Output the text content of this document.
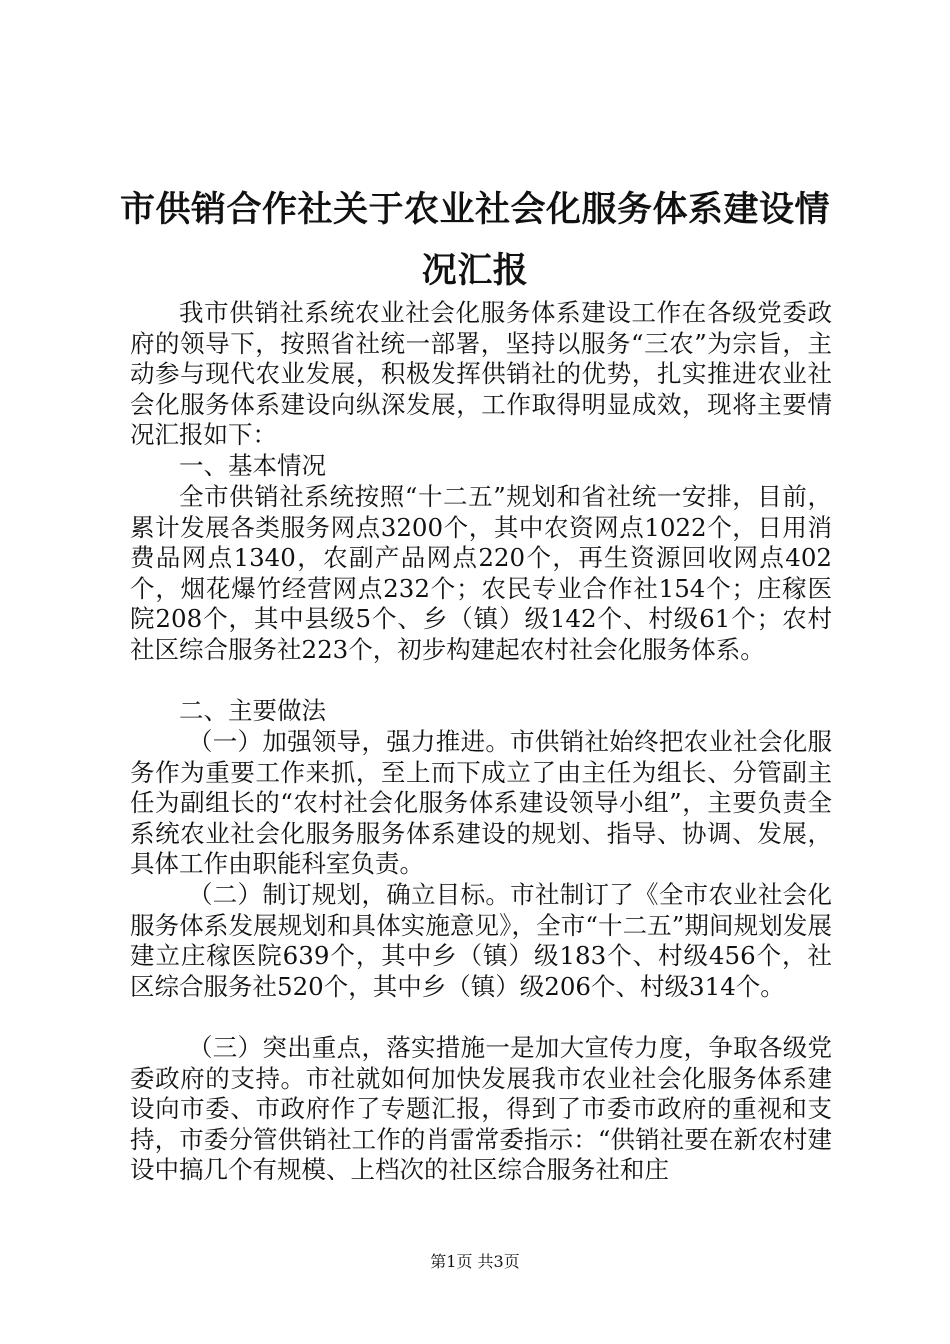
市供销合作社关于农业社会化服务体系建设情
况汇报
我市供销社系统农业社会化服务体系建设工作在各级党委政府的领导下，按照省社统一部署，坚持以服务“三农”为宗旨，主动参与现代农业发展，积极发挥供销社的优势，扎实推进农业社会化服务体系建设向纵深发展，工作取得明显成效，现将主要情况汇报如下：
一、基本情况
全市供销社系统按照“十二五”规划和省社统一安排，目前，累计发展各类服务网点3200个，其中农资网点1022个，日用消费品网点1340，农副产品网点220个，再生资源回收网点402个，烟花爆竹经营网点232个；农民专业合作社154个；庄稼医院208个，其中县级5个、乡（镇）级142个、村级61个；农村社区综合服务社223个，初步构建起农村社会化服务体系。
二、主要做法
（一）加强领导，强力推进。市供销社始终把农业社会化服务作为重要工作来抓，至上而下成立了由主任为组长、分管副主任为副组长的“农村社会化服务体系建设领导小组”，主要负责全系统农业社会化服务服务体系建设的规划、指导、协调、发展，具体工作由职能科室负责。
（二）制订规划，确立目标。市社制订了《全市农业社会化服务体系发展规划和具体实施意见》，全市“十二五”期间规划发展建立庄稼医院639个，其中乡（镇）级183个、村级456个，社区综合服务社520个，其中乡（镇）级206个、村级314个。
（三）突出重点，落实措施一是加大宣传力度，争取各级党委政府的支持。市社就如何加快发展我市农业社会化服务体系建设向市委、市政府作了专题汇报，得到了市委市政府的重视和支持，市委分管供销社工作的肖雷常委指示：“供销社要在新农村建设中搞几个有规模、上档次的社区综合服务社和庄
第1页 共3页
